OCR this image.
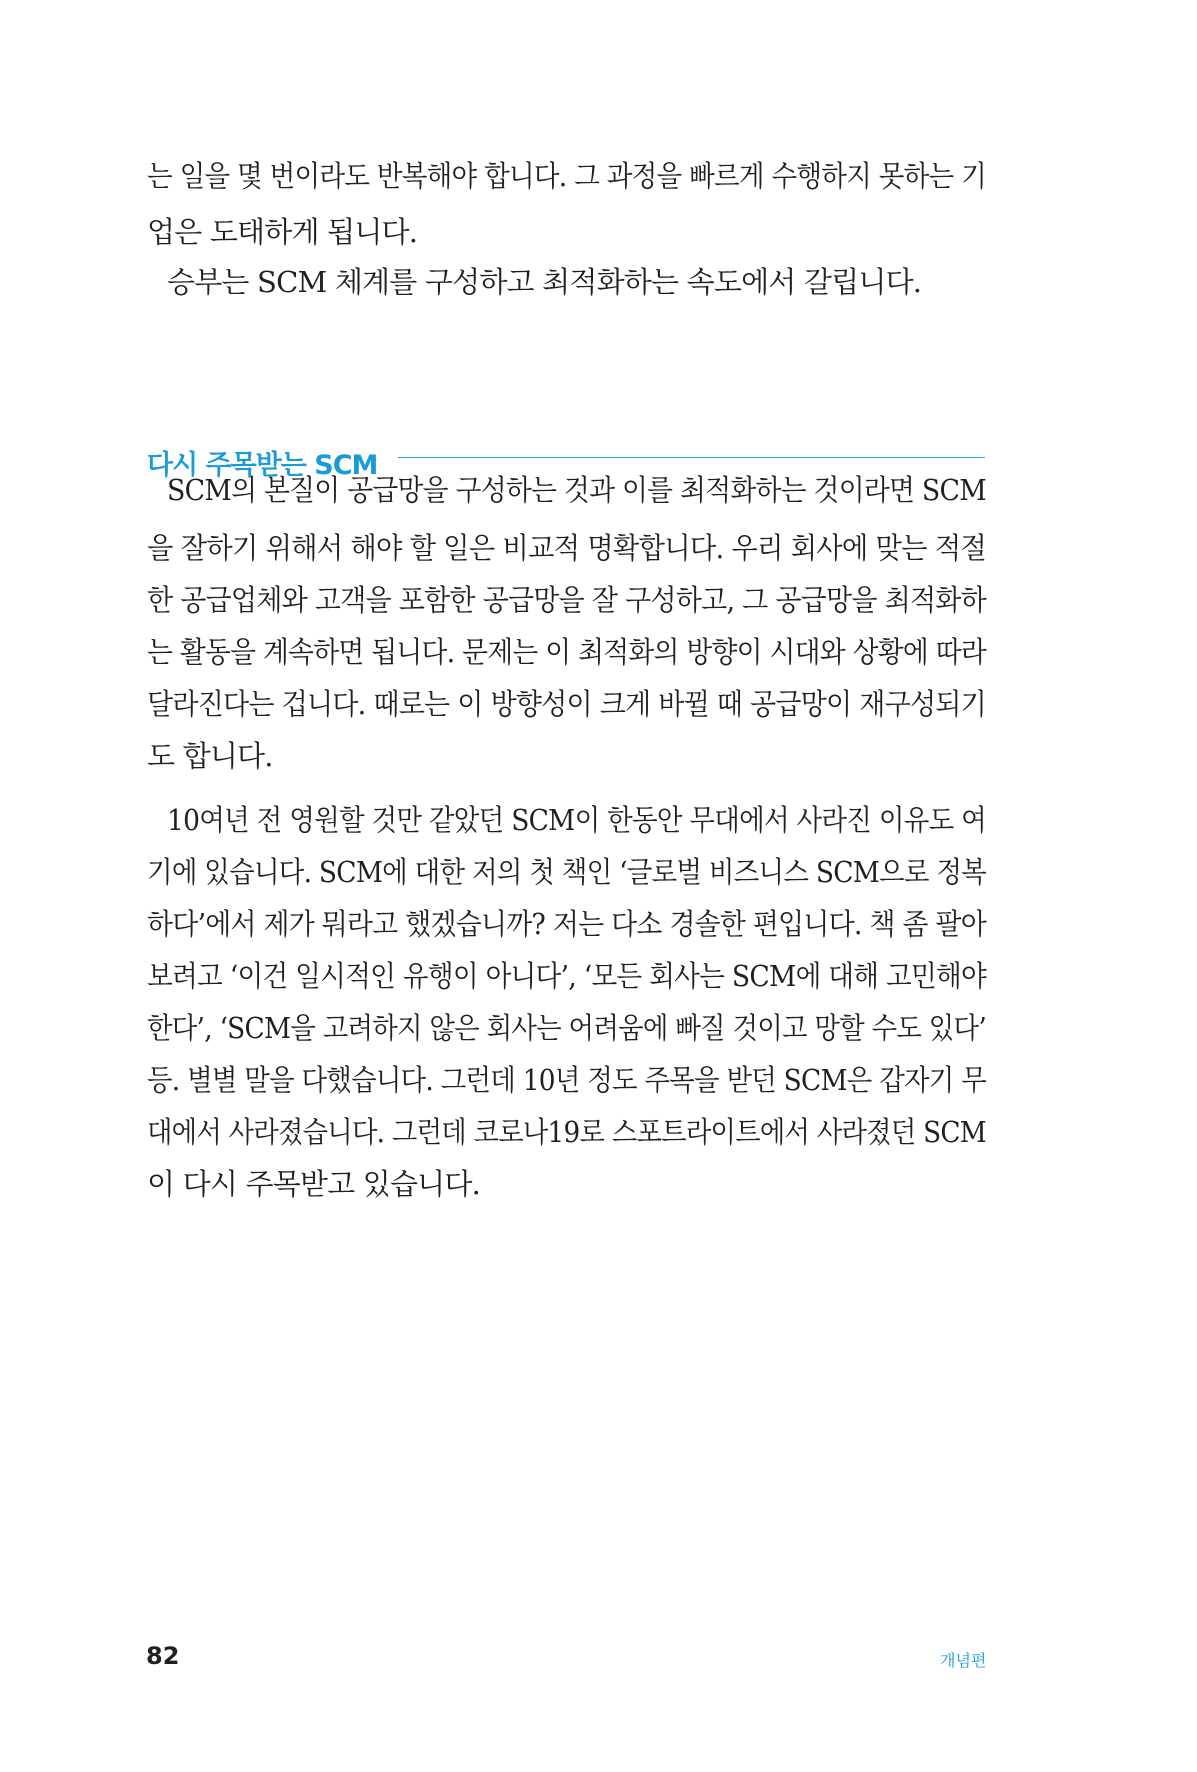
는 일을 몇 번이라도 반복해야 합니다. 그 과정을 빠르게 수행하지 못하는 기
업은 도태하게 됩니다.
승부는 SCM 체계를 구성하고 최적화하는 속도에서 갈립니다.
SCM의 본질이 공급망을 구성하는 것과 이를 최적화하는 것이라면 SCM
을 잘하기 위해서 해야 할 일은 비교적 명확합니다. 우리 회사에 맞는 적절
한 공급업체와 고객을 포함한 공급망을 잘 구성하고, 그 공급망을 최적화하
는 활동을 계속하면 됩니다. 문제는 이 최적화의 방향이 시대와 상황에 따라
달라진다는 겁니다. 때로는 이 방향성이 크게 바뀔 때 공급망이 재구성되기
도 합니다.
10여년 전 영원할 것만 같았던 SCM이 한동안 무대에서 사라진 이유도 여
기에 있습니다. SCM에 대한 저의 첫 책인 ‘글로벌 비즈니스 SCM으로 정복
하다’에서 제가 뭐라고 했겠습니까? 저는 다소 경솔한 편입니다. 책 좀 팔아
보려고 ‘이건 일시적인 유행이 아니다’, ‘모든 회사는 SCM에 대해 고민해야
한다’, ‘SCM을 고려하지 않은 회사는 어려움에 빠질 것이고 망할 수도 있다’
등. 별별 말을 다했습니다. 그런데 10년 정도 주목을 받던 SCM은 갑자기 무
대에서 사라졌습니다. 그런데 코로나19로 스포트라이트에서 사라졌던 SCM
이 다시 주목받고 있습니다.
다시 주목받는 SCM
82	개념편
